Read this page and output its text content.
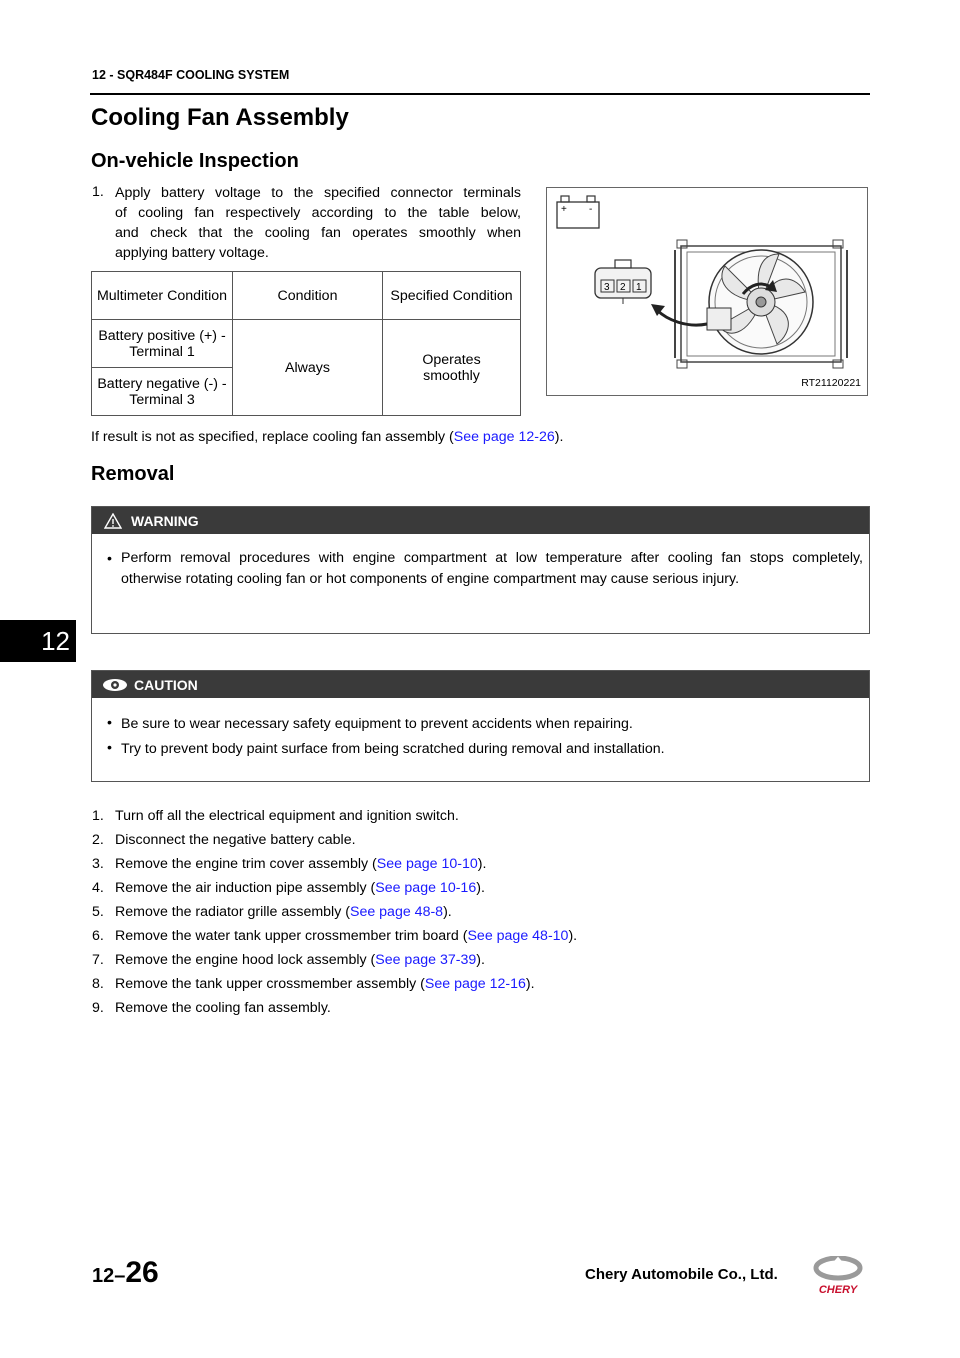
12 - SQR484F COOLING SYSTEM
Cooling Fan Assembly
On-vehicle Inspection
1. Apply battery voltage to the specified connector terminals
of cooling fan respectively according to the table below,
and check that the cooling fan operates smoothly when
applying battery voltage.
Multimeter Condition	Condition	Specified Condition
Battery positive (+) - Terminal 1	Always	Operates smoothly
Battery negative (-) - Terminal 3		
+ -
3 2 1
RT21120221
If result is not as specified, replace cooling fan assembly (See page 12-26).
Removal
WARNING
• Perform removal procedures with engine compartment at low temperature after cooling fan stops completely, otherwise rotating cooling fan or hot components of engine compartment may cause serious injury.
CAUTION
• Be sure to wear necessary safety equipment to prevent accidents when repairing.
• Try to prevent body paint surface from being scratched during removal and installation.
1. Turn off all the electrical equipment and ignition switch.
2. Disconnect the negative battery cable.
3. Remove the engine trim cover assembly (See page 10-10).
4. Remove the air induction pipe assembly (See page 10-16).
5. Remove the radiator grille assembly (See page 48-8).
6. Remove the water tank upper crossmember trim board (See page 48-10).
7. Remove the engine hood lock assembly (See page 37-39).
8. Remove the tank upper crossmember assembly (See page 12-16).
9. Remove the cooling fan assembly.
12
12–26	Chery Automobile Co., Ltd.
CHERY
